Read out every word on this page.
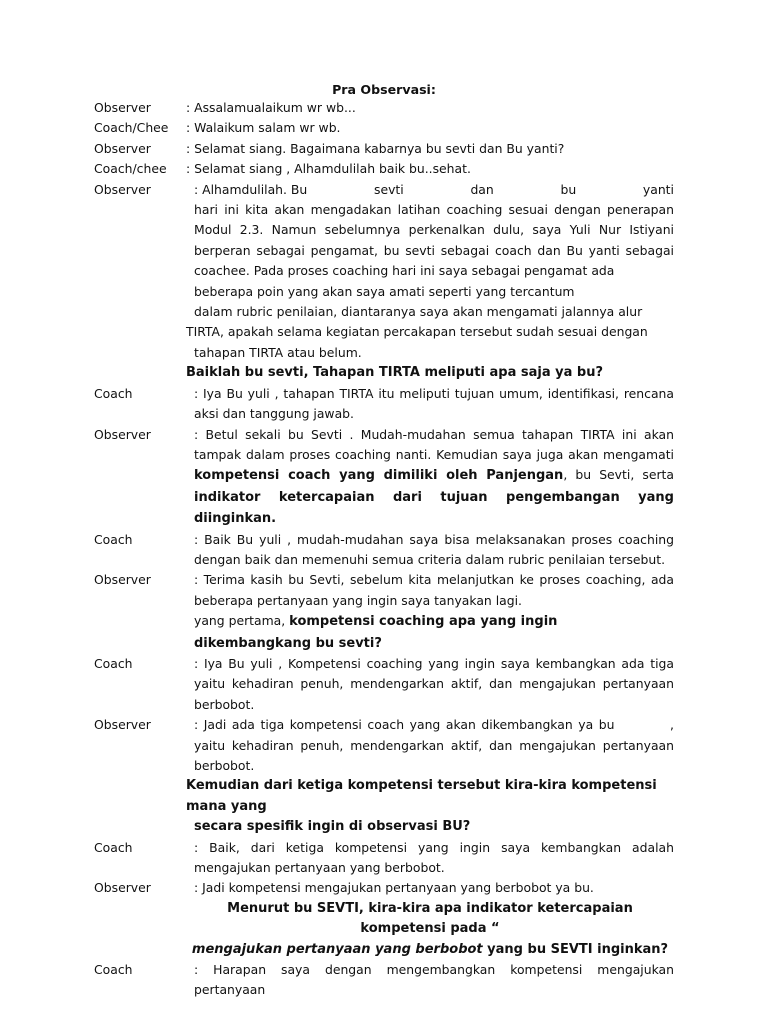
Pra Observasi:
Observer	: Assalamualaikum wr wb...
Coach/Chee	: Walaikum salam wr wb.
Observer	: Selamat siang. Bagaimana kabarnya bu sevti dan Bu yanti?
Coach/chee	: Selamat siang , Alhamdulilah baik bu..sehat.
Observer	: Alhamdulilah. Bu	sevti	dan	bu	yanti

hari ini kita akan mengadakan latihan coaching sesuai dengan penerapan Modul 2.3. Namun sebelumnya perkenalkan dulu, saya Yuli Nur Istiyani berperan sebagai pengamat, bu sevti sebagai coach dan Bu yanti sebagai coachee. Pada proses coaching hari ini saya sebagai pengamat ada

beberapa poin yang akan saya amati seperti yang tercantum

dalam rubric penilaian, diantaranya saya akan mengamati jalannya alur

TIRTA, apakah selama kegiatan percakapan tersebut sudah sesuai dengan

tahapan TIRTA atau belum.

Baiklah bu sevti, Tahapan TIRTA meliputi apa saja ya bu?
Coach	: Iya Bu yuli , tahapan TIRTA itu meliputi tujuan umum, identifikasi, rencana aksi dan tanggung jawab.
Observer	: Betul sekali bu Sevti . Mudah-mudahan semua tahapan TIRTA ini akan tampak dalam proses coaching nanti. Kemudian saya juga akan mengamati kompetensi coach yang dimiliki oleh Panjengan, bu Sevti, serta indikator ketercapaian dari tujuan pengembangan yang diinginkan.
Coach	: Baik Bu yuli , mudah-mudahan saya bisa melaksanakan proses coaching dengan baik dan memenuhi semua criteria dalam rubric penilaian tersebut.
Observer	: Terima kasih bu Sevti, sebelum kita melanjutkan ke proses coaching, ada beberapa pertanyaan yang ingin saya tanyakan lagi.

yang pertama, kompetensi coaching apa yang ingin dikembangkang bu sevti?

Coach	: Iya Bu yuli , Kompetensi coaching yang ingin saya kembangkan ada tiga yaitu kehadiran penuh, mendengarkan aktif, dan mengajukan pertanyaan berbobot.
Observer	: Jadi ada tiga kompetensi coach yang akan dikembangkan ya bu          , yaitu kehadiran penuh, mendengarkan aktif, dan mengajukan pertanyaan berbobot.
Kemudian dari ketiga kompetensi tersebut kira-kira kompetensi mana yang
secara spesifik ingin di observasi BU?
Coach	: Baik, dari ketiga kompetensi yang ingin saya kembangkan adalah mengajukan pertanyaan yang berbobot.
Observer	: Jadi kompetensi mengajukan pertanyaan yang berbobot ya bu.
Menurut bu SEVTI, kira-kira apa indikator ketercapaian kompetensi pada “
mengajukan pertanyaan yang berbobot yang bu SEVTI inginkan?
Coach	: Harapan saya dengan mengembangkan kompetensi mengajukan pertanyaan
